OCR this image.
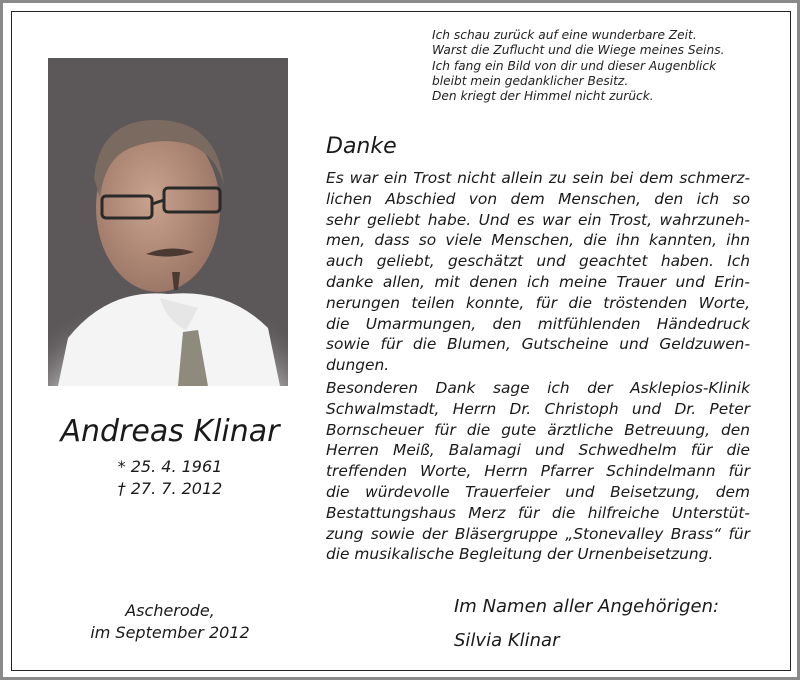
Ich schau zurück auf eine wunderbare Zeit.
Warst die Zuflucht und die Wiege meines Seins.
Ich fang ein Bild von dir und dieser Augenblick
bleibt mein gedanklicher Besitz.
Den kriegt der Himmel nicht zurück.
Andreas Klinar
* 25. 4. 1961
† 27. 7. 2012
Ascherode,
im September 2012
Danke
Es war ein Trost nicht allein zu sein bei dem schmerz-
lichen Abschied von dem Menschen, den ich so
sehr geliebt habe. Und es war ein Trost, wahrzuneh-
men, dass so viele Menschen, die ihn kannten, ihn
auch geliebt, geschätzt und geachtet haben. Ich
danke allen, mit denen ich meine Trauer und Erin-
nerungen teilen konnte, für die tröstenden Worte,
die Umarmungen, den mitfühlenden Händedruck
sowie für die Blumen, Gutscheine und Geldzuwen-
dungen.
Besonderen Dank sage ich der Asklepios-Klinik
Schwalmstadt, Herrn Dr. Christoph und Dr. Peter
Bornscheuer für die gute ärztliche Betreuung, den
Herren Meiß, Balamagi und Schwedhelm für die
treffenden Worte, Herrn Pfarrer Schindelmann für
die würdevolle Trauerfeier und Beisetzung, dem
Bestattungshaus Merz für die hilfreiche Unterstüt-
zung sowie der Bläsergruppe „Stonevalley Brass“ für
die musikalische Begleitung der Urnenbeisetzung.
Im Namen aller Angehörigen:
Silvia Klinar
